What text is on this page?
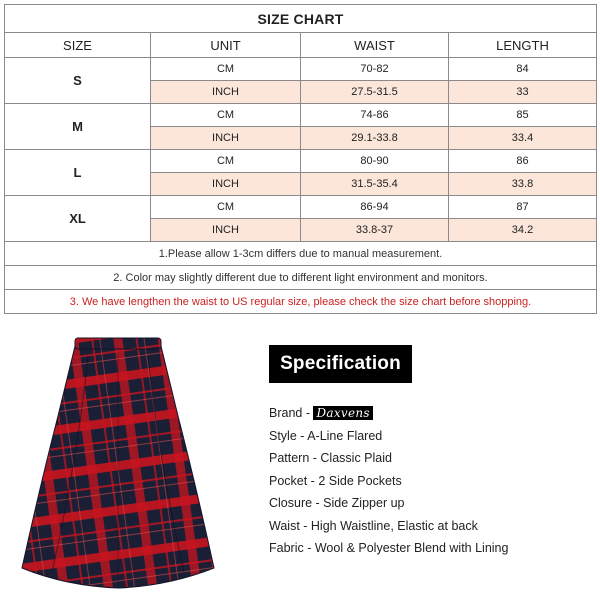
SIZE CHART			
SIZE	UNIT	WAIST	LENGTH
S	CM	70-82	84
	INCH	27.5-31.5	33
M	CM	74-86	85
	INCH	29.1-33.8	33.4
L	CM	80-90	86
	INCH	31.5-35.4	33.8
XL	CM	86-94	87
	INCH	33.8-37	34.2
1.Please allow 1-3cm differs due to manual measurement.			
2. Color may slightly different due to different light environment and monitors.			
3. We have lengthen the waist to US regular size, please check the size chart before shopping.			
Specification
Brand - Daxvens
Style - A-Line Flared
Pattern - Classic Plaid
Pocket - 2 Side Pockets
Closure - Side Zipper up
Waist - High Waistline, Elastic at back
Fabric - Wool & Polyester Blend with Lining
